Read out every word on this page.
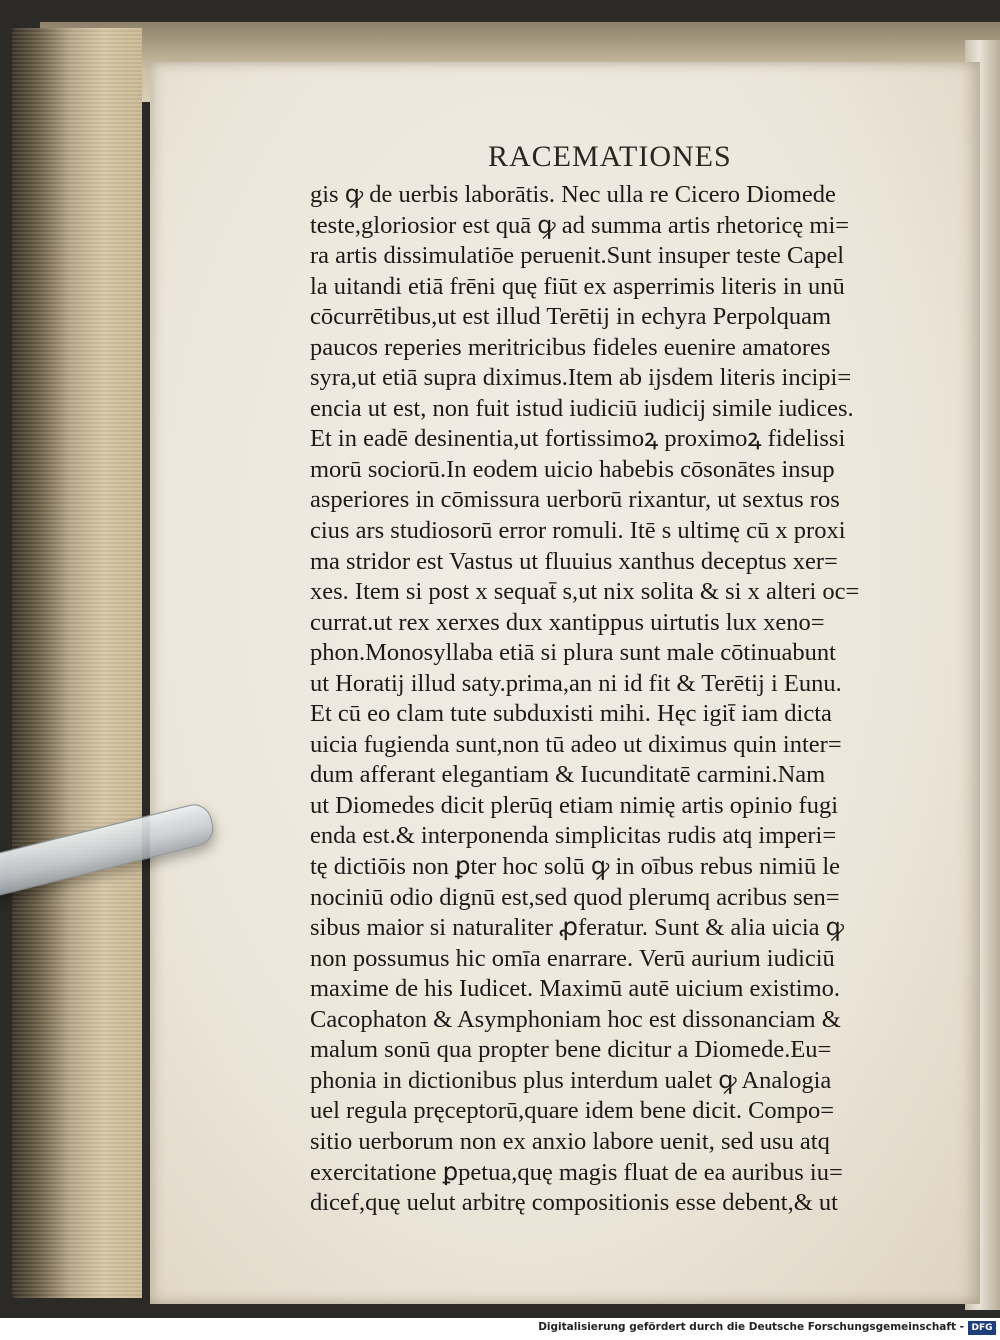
RACEMATIONES
gis ꝙ de uerbis laborātis. Nec ulla re Cicero Diomede
teste,gloriosior est quā ꝙ ad summa artis rhetoricę mi=
ra artis dissimulatiōe peruenit.Sunt insuper teste Capel
la uitandi etiā frēni quę fiūt ex asperrimis literis in unū
cōcurrētibus,ut est illud Terētij in echyra Perpolquam
paucos reperies meritricibus fideles euenire amatores
syra,ut etiā supra diximus.Item ab ijsdem literis incipi=
encia ut est, non fuit istud iudiciū iudicij simile iudices.
Et in eadē desinentia,ut fortissimoꝝ proximoꝝ fidelissi
morū sociorū.In eodem uicio habebis cōsonātes insup
asperiores in cōmissura uerborū rixantur, ut sextus ros
cius ars studiosorū error romuli. Itē s ultimę cū x proxi
ma stridor est Vastus ut fluuius xanthus deceptus xer=
xes. Item si post x sequat̄ s,ut nix solita & si x alteri oc=
currat.ut rex xerxes dux xantippus uirtutis lux xeno=
phon.Monosyllaba etiā si plura sunt male cōtinuabunt
ut Horatij illud saty.prima,an ni id fit & Terētij i Eunu.
Et cū eo clam tute subduxisti mihi. Hęc igit̄ iam dicta
uicia fugienda sunt,non tū adeo ut diximus quin inter=
dum afferant elegantiam & Iucunditatē carmini.Nam
ut Diomedes dicit plerūq etiam nimię artis opinio fugi
enda est.& interponenda simplicitas rudis atq imperi=
tę dictiōis non ꝑter hoc solū ꝙ in oībus rebus nimiū le
nociniū odio dignū est,sed quod plerumq acribus sen=
sibus maior si naturaliter ꝓferatur. Sunt & alia uicia ꝙ
non possumus hic omīa enarrare. Verū aurium iudiciū
maxime de his Iudicet. Maximū autē uicium existimo.
Cacophaton & Asymphoniam hoc est dissonanciam &
malum sonū qua propter bene dicitur a Diomede.Eu=
phonia in dictionibus plus interdum ualet ꝙ Analogia
uel regula pręceptorū,quare idem bene dicit. Compo=
sitio uerborum non ex anxio labore uenit, sed usu atq
exercitatione ꝑpetua,quę magis fluat de ea auribus iu=
dicef,quę uelut arbitrę compositionis esse debent,& ut
Digitalisierung gefördert durch die Deutsche Forschungsgemeinschaft - DFG
